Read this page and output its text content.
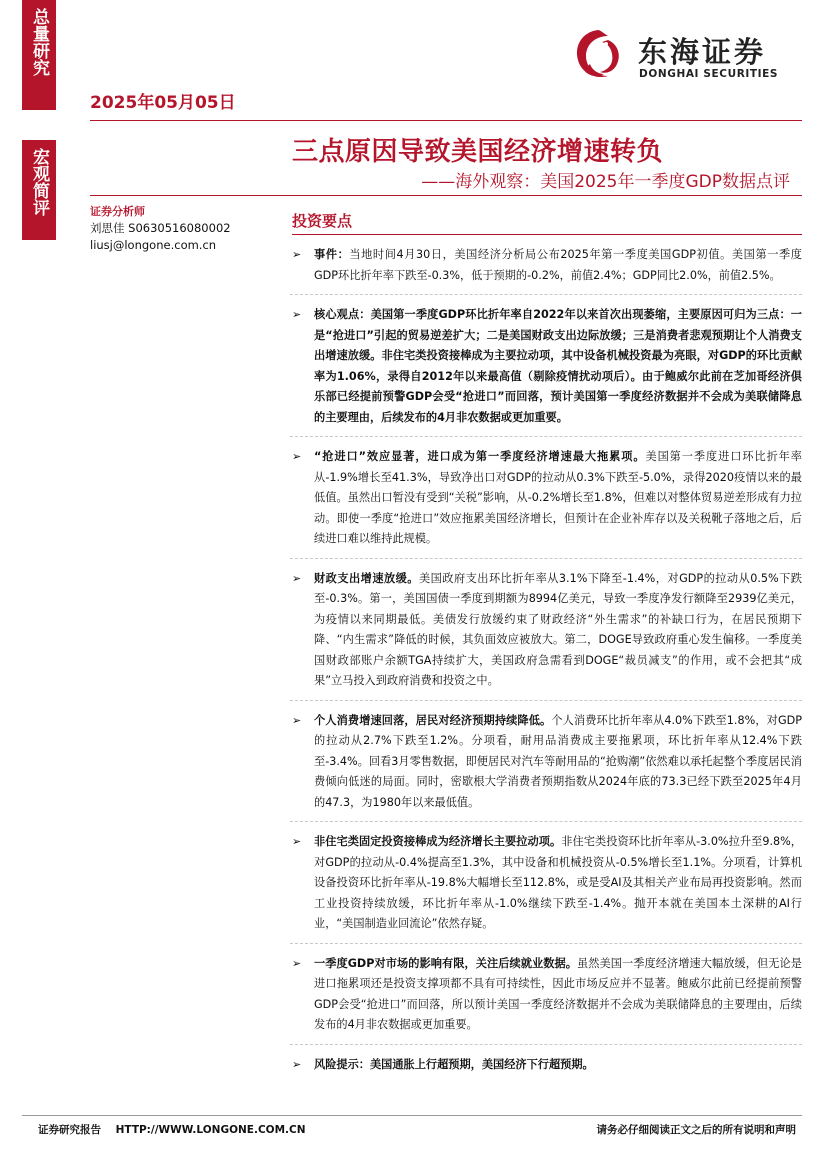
总量研究
宏观简评
2025年05月05日
东海证券
DONGHAI SECURITIES
三点原因导致美国经济增速转负
——海外观察：美国2025年一季度GDP数据点评
证券分析师
刘思佳 S0630516080002
liusj@longone.com.cn
投资要点
➢ 事件：当地时间4月30日，美国经济分析局公布2025年第一季度美国GDP初值。美国第一季度GDP环比折年率下跌至-0.3%，低于预期的-0.2%，前值2.4%；GDP同比2.0%，前值2.5%。
➢ 核心观点：美国第一季度GDP环比折年率自2022年以来首次出现萎缩，主要原因可归为三点：一是“抢进口”引起的贸易逆差扩大；二是美国财政支出边际放缓；三是消费者悲观预期让个人消费支出增速放缓。非住宅类投资接棒成为主要拉动项，其中设备机械投资最为亮眼，对GDP的环比贡献率为1.06%，录得自2012年以来最高值（剔除疫情扰动项后）。由于鲍威尔此前在芝加哥经济俱乐部已经提前预警GDP会受“抢进口”而回落，预计美国第一季度经济数据并不会成为美联储降息的主要理由，后续发布的4月非农数据或更加重要。
➢ “抢进口”效应显著，进口成为第一季度经济增速最大拖累项。美国第一季度进口环比折年率从-1.9%增长至41.3%，导致净出口对GDP的拉动从0.3%下跌至-5.0%，录得2020疫情以来的最低值。虽然出口暂没有受到“关税”影响，从-0.2%增长至1.8%，但难以对整体贸易逆差形成有力拉动。即使一季度“抢进口”效应拖累美国经济增长，但预计在企业补库存以及关税靴子落地之后，后续进口难以维持此规模。
➢ 财政支出增速放缓。美国政府支出环比折年率从3.1%下降至-1.4%，对GDP的拉动从0.5%下跌至-0.3%。第一，美国国债一季度到期额为8994亿美元，导致一季度净发行额降至2939亿美元，为疫情以来同期最低。美债发行放缓约束了财政经济“外生需求”的补缺口行为，在居民预期下降、“内生需求”降低的时候，其负面效应被放大。第二，DOGE导致政府重心发生偏移。一季度美国财政部账户余额TGA持续扩大，美国政府急需看到DOGE“裁员减支”的作用，或不会把其“成果”立马投入到政府消费和投资之中。
➢ 个人消费增速回落，居民对经济预期持续降低。个人消费环比折年率从4.0%下跌至1.8%，对GDP的拉动从2.7%下跌至1.2%。分项看，耐用品消费成主要拖累项，环比折年率从12.4%下跌至-3.4%。回看3月零售数据，即便居民对汽车等耐用品的“抢购潮”依然难以承托起整个季度居民消费倾向低迷的局面。同时，密歇根大学消费者预期指数从2024年底的73.3已经下跌至2025年4月的47.3，为1980年以来最低值。
➢ 非住宅类固定投资接棒成为经济增长主要拉动项。非住宅类投资环比折年率从-3.0%拉升至9.8%，对GDP的拉动从-0.4%提高至1.3%，其中设备和机械投资从-0.5%增长至1.1%。分项看，计算机设备投资环比折年率从-19.8%大幅增长至112.8%，或是受AI及其相关产业布局再投资影响。然而工业投资持续放缓，环比折年率从-1.0%继续下跌至-1.4%。抛开本就在美国本土深耕的AI行业，“美国制造业回流论”依然存疑。
➢ 一季度GDP对市场的影响有限，关注后续就业数据。虽然美国一季度经济增速大幅放缓，但无论是进口拖累项还是投资支撑项都不具有可持续性，因此市场反应并不显著。鲍威尔此前已经提前预警GDP会受“抢进口”而回落，所以预计美国一季度经济数据并不会成为美联储降息的主要理由，后续发布的4月非农数据或更加重要。
➢ 风险提示：美国通胀上行超预期，美国经济下行超预期。
证券研究报告    HTTP://WWW.LONGONE.COM.CN	请务必仔细阅读正文之后的所有说明和声明
